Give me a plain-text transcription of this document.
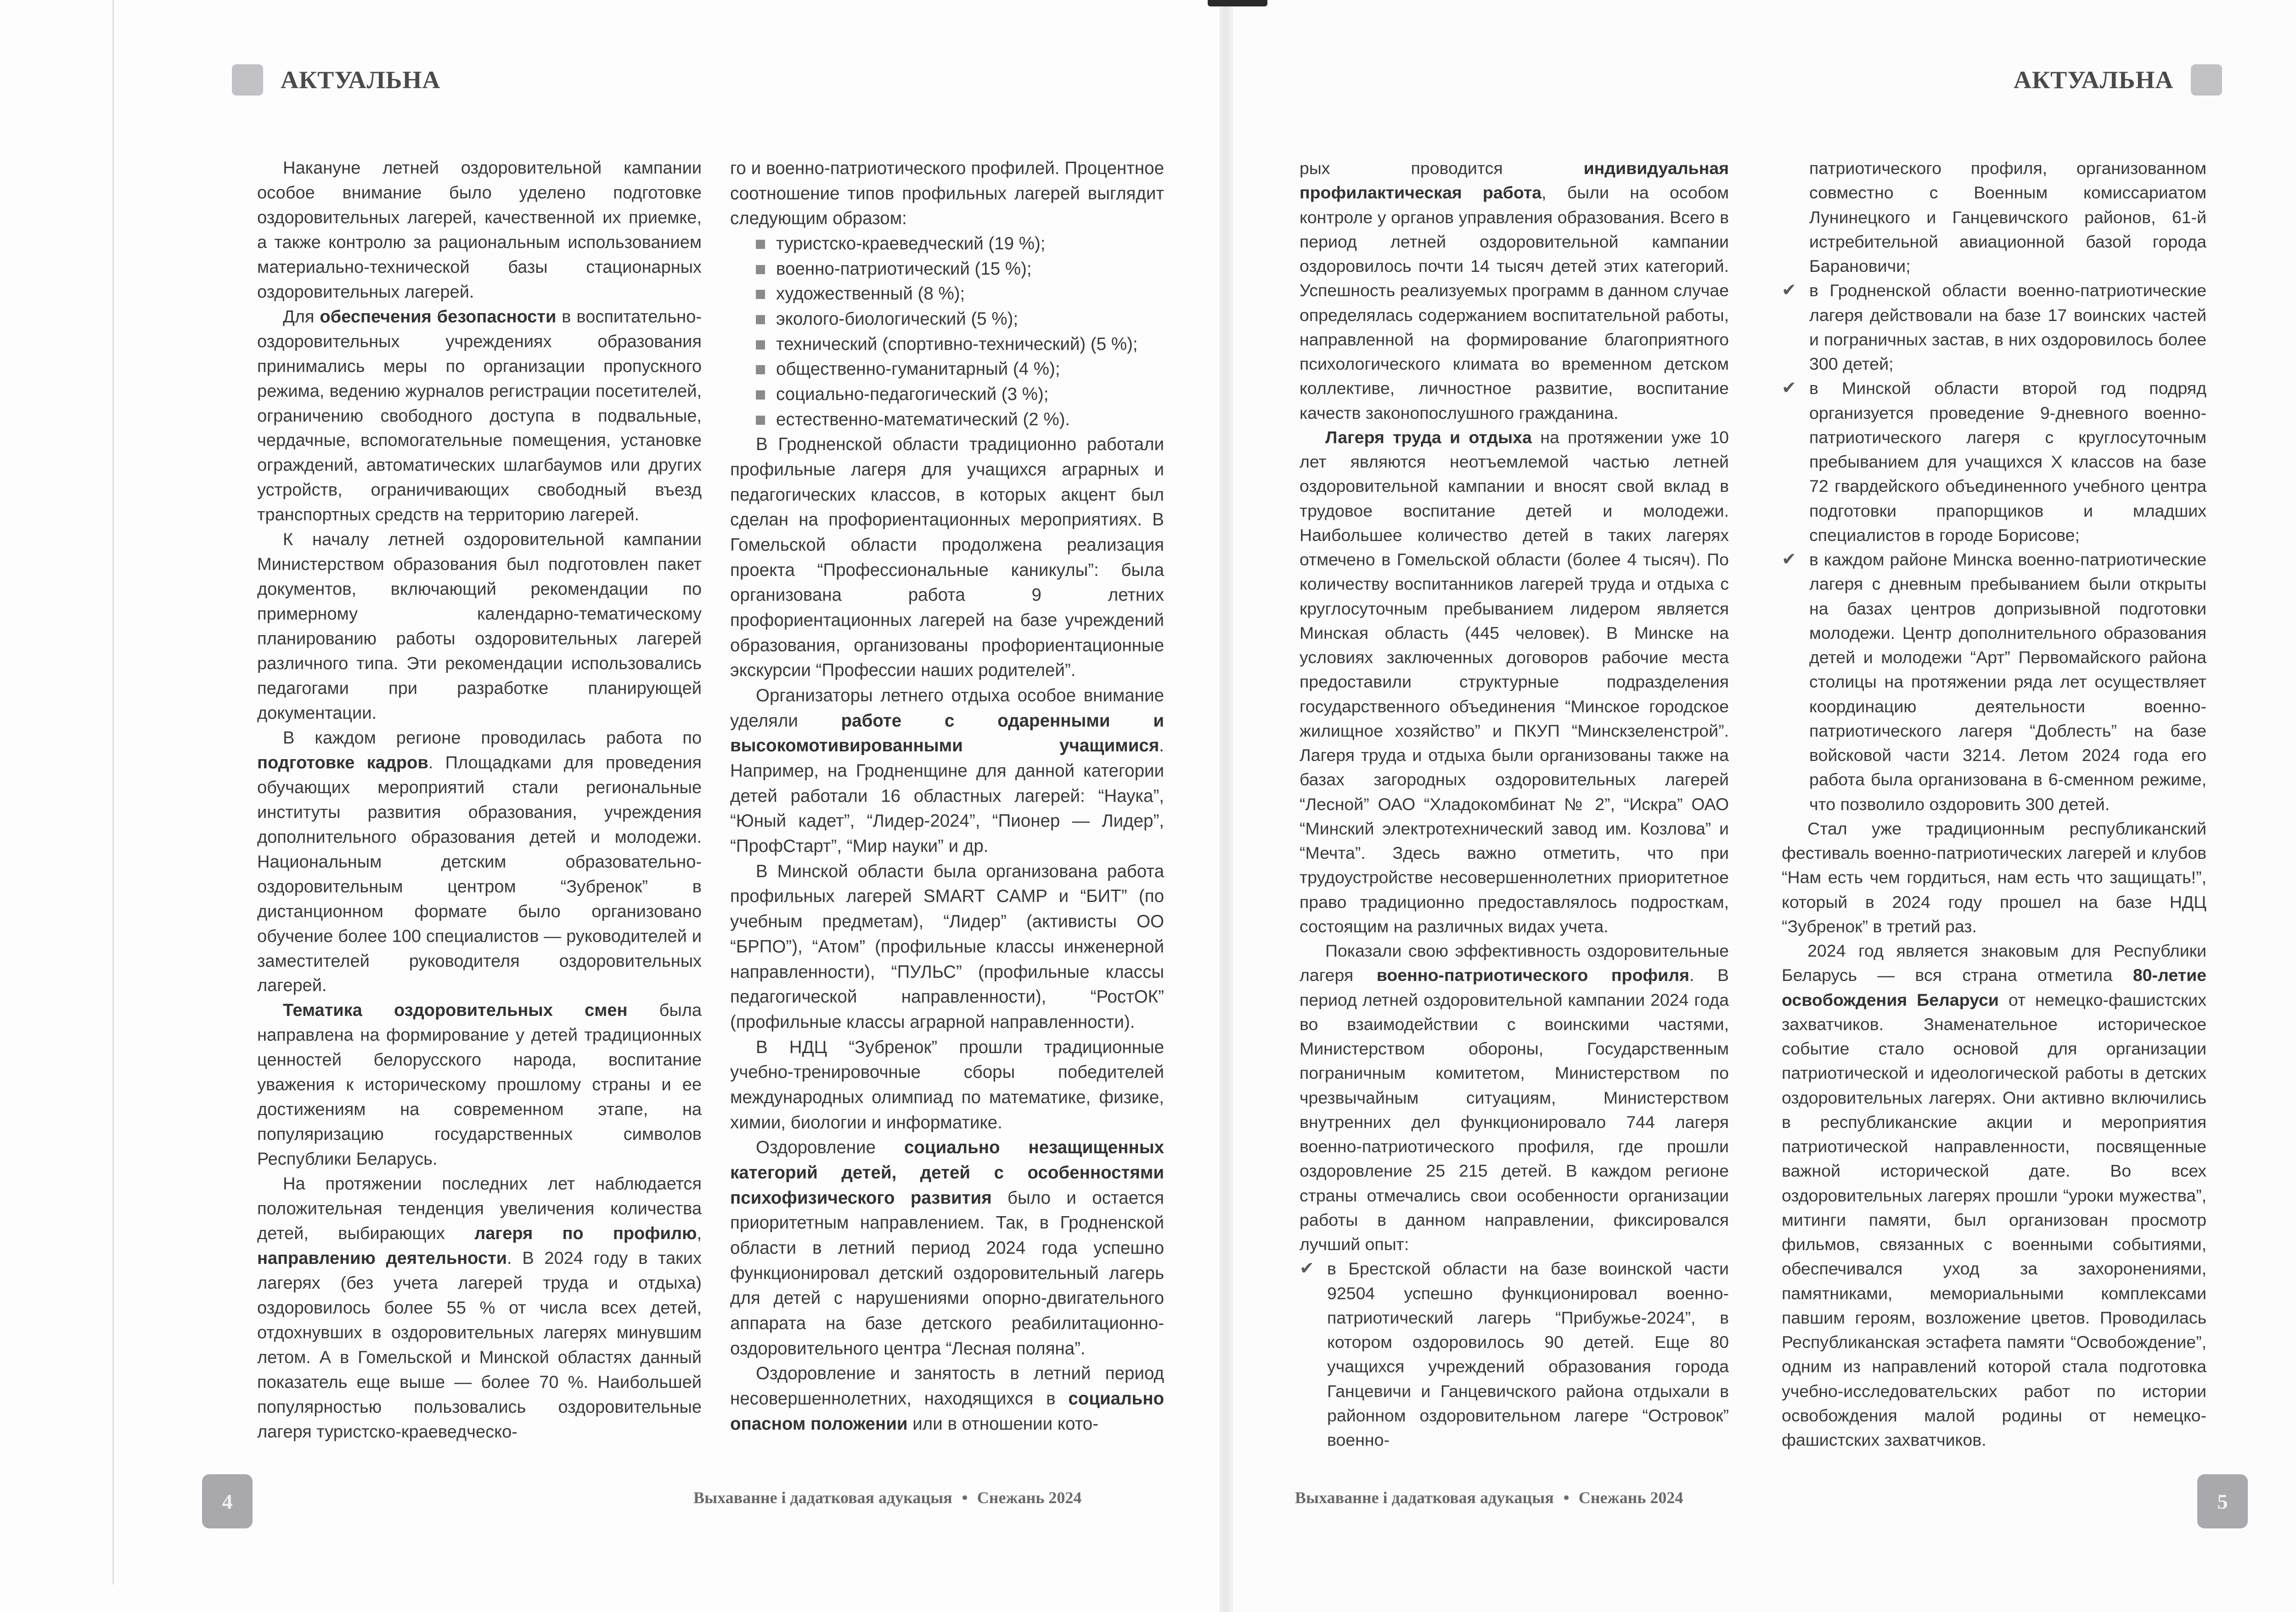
АКТУАЛЬНА	АКТУАЛЬНА

Накануне летней оздоровительной кампании особое внимание было уделено подготовке оздоровительных лагерей, качественной их приемке, а также контролю за рациональным использованием материально-технической базы стационарных оздоровительных лагерей.

Для обеспечения безопасности в воспитательно-оздоровительных учреждениях образования принимались меры по организации пропускного режима, ведению журналов регистрации посетителей, ограничению свободного доступа в подвальные, чердачные, вспомогательные помещения, установке ограждений, автоматических шлагбаумов или других устройств, ограничивающих свободный въезд транспортных средств на территорию лагерей.

К началу летней оздоровительной кампании Министерством образования был подготовлен пакет документов, включающий рекомендации по примерному календарно-тематическому планированию работы оздоровительных лагерей различного типа. Эти рекомендации использовались педагогами при разработке планирующей документации.

В каждом регионе проводилась работа по подготовке кадров. Площадками для проведения обучающих мероприятий стали региональные институты развития образования, учреждения дополнительного образования детей и молодежи. Национальным детским образовательно-оздоровительным центром “Зубренок” в дистанционном формате было организовано обучение более 100 специалистов — руководителей и заместителей руководителя оздоровительных лагерей.

Тематика оздоровительных смен была направлена на формирование у детей традиционных ценностей белорусского народа, воспитание уважения к историческому прошлому страны и ее достижениям на современном этапе, на популяризацию государственных символов Республики Беларусь.

На протяжении последних лет наблюдается положительная тенденция увеличения количества детей, выбирающих лагеря по профилю, направлению деятельности. В 2024 году в таких лагерях (без учета лагерей труда и отдыха) оздоровилось более 55 % от числа всех детей, отдохнувших в оздоровительных лагерях минувшим летом. А в Гомельской и Минской областях данный показатель еще выше — более 70 %. Наибольшей популярностью пользовались оздоровительные лагеря туристско-краеведческо-

го и военно-патриотического профилей. Процентное соотношение типов профильных лагерей выглядит следующим образом:

туристско-краеведческий (19 %);
военно-патриотический (15 %);
художественный (8 %);
эколого-биологический (5 %);
технический (спортивно-технический) (5 %);
общественно-гуманитарный (4 %);
социально-педагогический (3 %);
естественно-математический (2 %).

В Гродненской области традиционно работали профильные лагеря для учащихся аграрных и педагогических классов, в которых акцент был сделан на профориентационных мероприятиях. В Гомельской области продолжена реализация проекта “Профессиональные каникулы”: была организована работа 9 летних профориентационных лагерей на базе учреждений образования, организованы профориентационные экскурсии “Профессии наших родителей”.

Организаторы летнего отдыха особое внимание уделяли работе с одаренными и высокомотивированными учащимися. Например, на Гродненщине для данной категории детей работали 16 областных лагерей: “Наука”, “Юный кадет”, “Лидер-2024”, “Пионер — Лидер”, “ПрофСтарт”, “Мир науки” и др.

В Минской области была организована работа профильных лагерей SMART CAMP и “БИТ” (по учебным предметам), “Лидер” (активисты ОО “БРПО”), “Атом” (профильные классы инженерной направленности), “ПУЛЬС” (профильные классы педагогической направленности), “РостОК” (профильные классы аграрной направленности).

В НДЦ “Зубренок” прошли традиционные учебно-тренировочные сборы победителей международных олимпиад по математике, физике, химии, биологии и информатике.

Оздоровление социально незащищенных категорий детей, детей с особенностями психофизического развития было и остается приоритетным направлением. Так, в Гродненской области в летний период 2024 года успешно функционировал детский оздоровительный лагерь для детей с нарушениями опорно-двигательного аппарата на базе детского реабилитационно-оздоровительного центра “Лесная поляна”.

Оздоровление и занятость в летний период несовершеннолетних, находящихся в социально опасном положении или в отношении кото-

рых проводится индивидуальная профилактическая работа, были на особом контроле у органов управления образования. Всего в период летней оздоровительной кампании оздоровилось почти 14 тысяч детей этих категорий. Успешность реализуемых программ в данном случае определялась содержанием воспитательной работы, направленной на формирование благоприятного психологического климата во временном детском коллективе, личностное развитие, воспитание качеств законопослушного гражданина.

Лагеря труда и отдыха на протяжении уже 10 лет являются неотъемлемой частью летней оздоровительной кампании и вносят свой вклад в трудовое воспитание детей и молодежи. Наибольшее количество детей в таких лагерях отмечено в Гомельской области (более 4 тысяч). По количеству воспитанников лагерей труда и отдыха с круглосуточным пребыванием лидером является Минская область (445 человек). В Минске на условиях заключенных договоров рабочие места предоставили структурные подразделения государственного объединения “Минское городское жилищное хозяйство” и ПКУП “Минскзеленстрой”. Лагеря труда и отдыха были организованы также на базах загородных оздоровительных лагерей “Лесной” ОАО “Хладокомбинат № 2”, “Искра” ОАО “Минский электротехнический завод им. Козлова” и “Мечта”. Здесь важно отметить, что при трудоустройстве несовершеннолетних приоритетное право традиционно предоставлялось подросткам, состоящим на различных видах учета.

Показали свою эффективность оздоровительные лагеря военно-патриотического профиля. В период летней оздоровительной кампании 2024 года во взаимодействии с воинскими частями, Министерством обороны, Государственным пограничным комитетом, Министерством по чрезвычайным ситуациям, Министерством внутренних дел функционировало 744 лагеря военно-патриотического профиля, где прошли оздоровление 25 215 детей. В каждом регионе страны отмечались свои особенности организации работы в данном направлении, фиксировался лучший опыт:

✔ в Брестской области на базе воинской части 92504 успешно функционировал военно-патриотический лагерь “Прибужье-2024”, в котором оздоровилось 90 детей. Еще 80 учащихся учреждений образования города Ганцевичи и Ганцевичского района отдыхали в районном оздоровительном лагере “Островок” военно-
патриотического профиля, организованном совместно с Военным комиссариатом Лунинецкого и Ганцевичского районов, 61-й истребительной авиационной базой города Барановичи;
✔ в Гродненской области военно-патриотические лагеря действовали на базе 17 воинских частей и пограничных застав, в них оздоровилось более 300 детей;
✔ в Минской области второй год подряд организуется проведение 9-дневного военно-патриотического лагеря с круглосуточным пребыванием для учащихся X классов на базе 72 гвардейского объединенного учебного центра подготовки прапорщиков и младших специалистов в городе Борисове;
✔ в каждом районе Минска военно-патриотические лагеря с дневным пребыванием были открыты на базах центров допризывной подготовки молодежи. Центр дополнительного образования детей и молодежи “Арт” Первомайского района столицы на протяжении ряда лет осуществляет координацию деятельности военно-патриотического лагеря “Доблесть” на базе войсковой части 3214. Летом 2024 года его работа была организована в 6-сменном режиме, что позволило оздоровить 300 детей.

Стал уже традиционным республиканский фестиваль военно-патриотических лагерей и клубов “Нам есть чем гордиться, нам есть что защищать!”, который в 2024 году прошел на базе НДЦ “Зубренок” в третий раз.

2024 год является знаковым для Республики Беларусь — вся страна отметила 80-летие освобождения Беларуси от немецко-фашистских захватчиков. Знаменательное историческое событие стало основой для организации патриотической и идеологической работы в детских оздоровительных лагерях. Они активно включились в республиканские акции и мероприятия патриотической направленности, посвященные важной исторической дате. Во всех оздоровительных лагерях прошли “уроки мужества”, митинги памяти, был организован просмотр фильмов, связанных с военными событиями, обеспечивался уход за захоронениями, памятниками, мемориальными комплексами павшим героям, возложение цветов. Проводилась Республиканская эстафета памяти “Освобождение”, одним из направлений которой стала подготовка учебно-исследовательских работ по истории освобождения малой родины от немецко-фашистских захватчиков.

4	Выхаванне і дадатковая адукацыя Снежань 2024	Выхаванне і дадатковая адукацыя Снежань 2024	5
